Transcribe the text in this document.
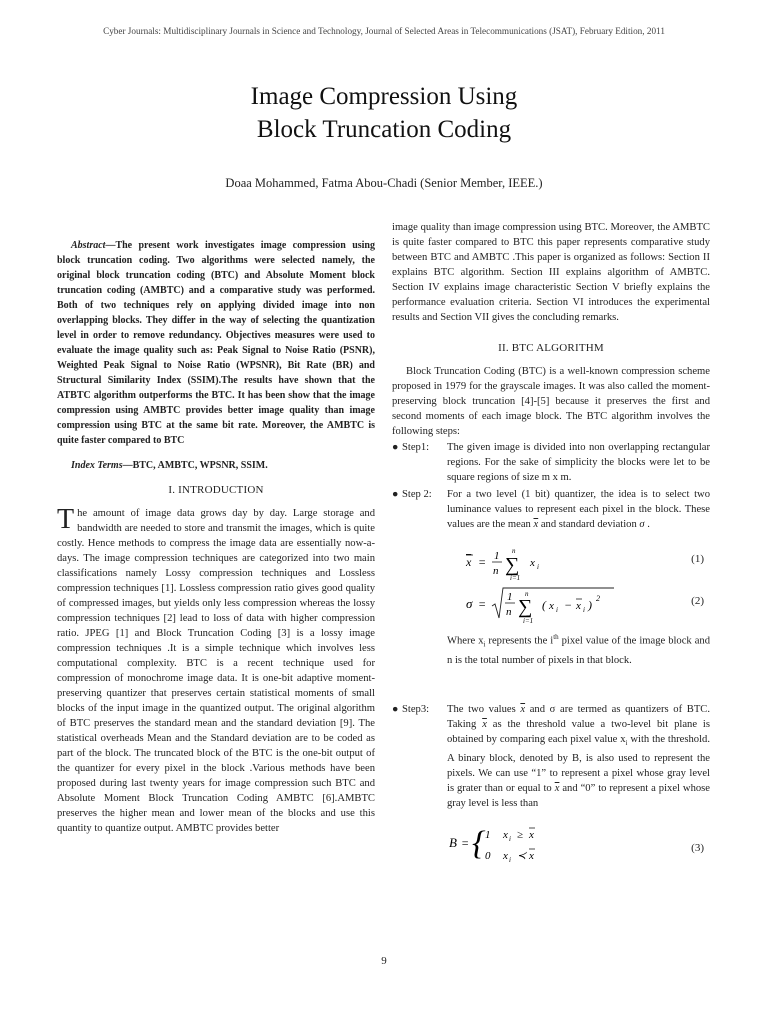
Cyber Journals: Multidisciplinary Journals in Science and Technology, Journal of Selected Areas in Telecommunications (JSAT), February Edition, 2011
Image Compression Using
Block Truncation Coding
Doaa Mohammed, Fatma Abou-Chadi (Senior Member, IEEE.)

Abstract—The present work investigates image compression using block truncation coding. Two algorithms were selected namely, the original block truncation coding (BTC) and Absolute Moment block truncation coding (AMBTC) and a comparative study was performed. Both of two techniques rely on applying divided image into non overlapping blocks. They differ in the way of selecting the quantization level in order to remove redundancy. Objectives measures were used to evaluate the image quality such as: Peak Signal to Noise Ratio (PSNR), Weighted Peak Signal to Noise Ratio (WPSNR), Bit Rate (BR) and Structural Similarity Index (SSIM).The results have shown that the ATBTC algorithm outperforms the BTC. It has been show that the image compression using AMBTC provides better image quality than image compression using BTC at the same bit rate. Moreover, the AMBTC is quite faster compared to BTC

Index Terms—BTC, AMBTC, WPSNR, SSIM.

I. INTRODUCTION

The amount of image data grows day by day. Large storage and bandwidth are needed to store and transmit the images, which is quite costly. Hence methods to compress the image data are essentially now-a-days. The image compression techniques are categorized into two main classifications namely Lossy compression techniques and Lossless compression techniques [1]. Lossless compression ratio gives good quality of compressed images, but yields only less compression whereas the lossy compression techniques [2] lead to loss of data with higher compression ratio. JPEG [1] and Block Truncation Coding [3] is a lossy image compression techniques .It is a simple technique which involves less computational complexity. BTC is a recent technique used for compression of monochrome image data. It is one-bit adaptive moment-preserving quantizer that preserves certain statistical moments of small blocks of the input image in the quantized output. The original algorithm of BTC preserves the standard mean and the standard deviation [9]. The statistical overheads Mean and the Standard deviation are to be coded as part of the block. The truncated block of the BTC is the one-bit output of the quantizer for every pixel in the block .Various methods have been proposed during last twenty years for image compression such BTC and Absolute Moment Block Truncation Coding AMBTC [6].AMBTC preserves the higher mean and lower mean of the blocks and use this quantity to quantize output. AMBTC provides better

image quality than image compression using BTC. Moreover, the AMBTC is quite faster compared to BTC this paper represents comparative study between BTC and AMBTC .This paper is organized as follows: Section II explains BTC algorithm. Section III explains algorithm of AMBTC. Section IV explains image characteristic Section V briefly explains the performance evaluation criteria. Section VI introduces the experimental results and Section VII gives the concluding remarks.

II. BTC ALGORITHM

Block Truncation Coding (BTC) is a well-known compression scheme proposed in 1979 for the grayscale images. It was also called the moment-preserving block truncation [4]-[5] because it preserves the first and second moments of each image block. The BTC algorithm involves the following steps:

● Step1: The given image is divided into non overlapping rectangular regions. For the sake of simplicity the blocks were let to be square regions of size m x m.

● Step 2: For a two level (1 bit) quantizer, the idea is to select two luminance values to represent each pixel in the block. These values are the mean $\overline{x}$ and standard deviation σ .

x = 1
n
n
∑
i=1
x i
(1)
σ = 1
n
n
∑
i=1
( x i − x i ) 2	(2)

Where $x_i$ represents the $i^{th}$ pixel value of the image block and n is the total number of pixels in that block.

● Step3: The two values $\overline{x}$ and σ are termed as quantizers of BTC. Taking $\overline{x}$ as the threshold value a two-level bit plane is obtained by comparing each pixel value $x_i$ with the threshold. A binary block, denoted by B, is also used to represent the pixels. We can use “1” to represent a pixel whose gray level is grater than or equal to $\overline{x}$ and “0” to represent a pixel whose gray level is less than

B = { 1 x i ≥ x
0 x i ≺ x
(3)
9
